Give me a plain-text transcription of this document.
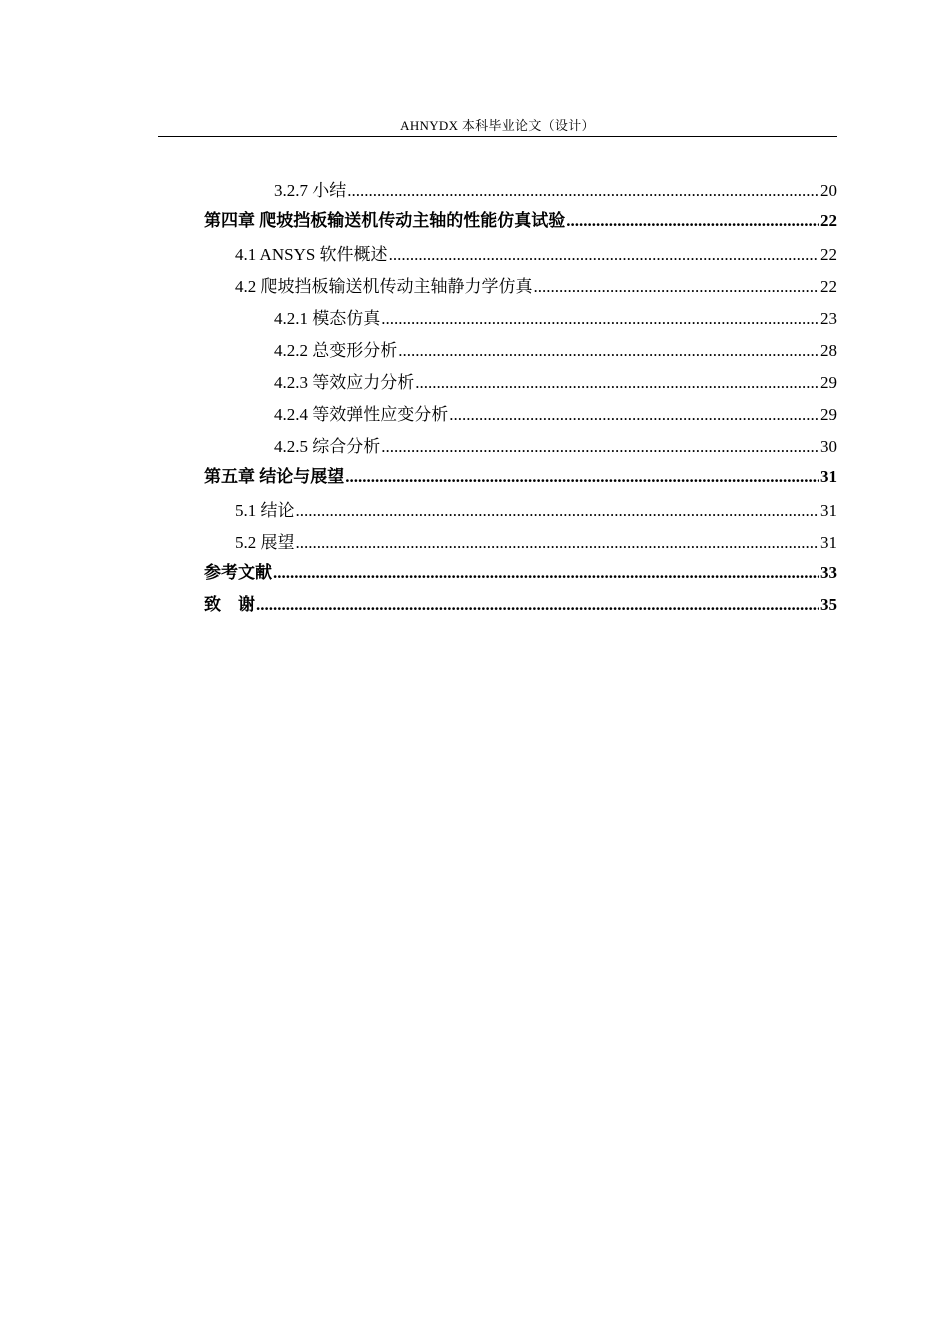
AHNYDX 本科毕业论文（设计）
3.2.7 小结 .....	20
第四章 爬坡挡板输送机传动主轴的性能仿真试验 .....	22
4.1 ANSYS 软件概述 .....	22
4.2 爬坡挡板输送机传动主轴静力学仿真 .....	22
4.2.1 模态仿真 .....	23
4.2.2 总变形分析 .....	28
4.2.3 等效应力分析 .....	29
4.2.4 等效弹性应变分析 .....	29
4.2.5 综合分析 .....	30
第五章 结论与展望 .....	31
5.1 结论 .....	31
5.2 展望 .....	31
参考文献 .....	33
致    谢 .....	35
